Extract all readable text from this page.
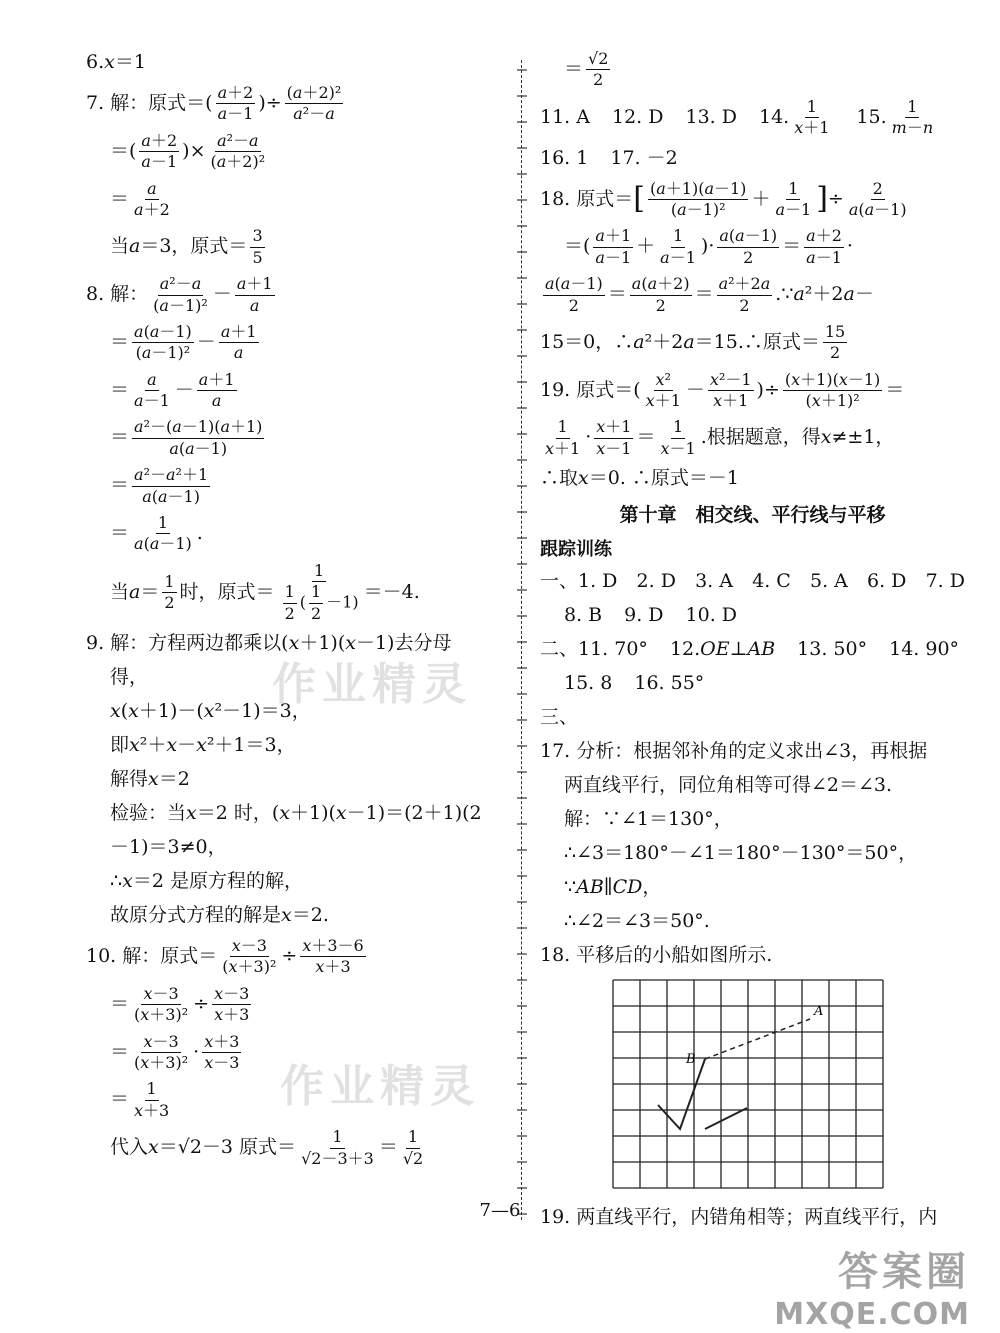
6. x ＝1
7. 解：原式＝( $\frac{a+2}{a-1}$ )÷ $\frac{\text{(a＋2)²}}{\text{a²－a}}$
＝( $\frac{a+2}{a-1}$ )× $\frac{\text{a²－a}}{\text{(a＋2)²}}$
＝ $\frac{a}{a+2}$
当 a ＝3，原式＝ $\frac{3}{5}$
8. 解： $\frac{\text{a²－a}}{\text{(a－1)²}} - \frac{a+1}{a}$
＝ $\frac{a(a-1)}{\text{(a－1)²}} - \frac{a+1}{a}$
＝ $\frac{a}{a-1} - \frac{a+1}{a}$
＝ $\frac{\text{a²－(a－1)(a＋1)}}{a(a-1)}$
＝ $\frac{\text{a²－a²＋1}}{a(a-1)}$
＝ $\frac{1}{a(a-1)}$ .
当 $a = \frac{1}{2}$ 时，原式＝ $\frac{1}{\frac{1}{2} ( \frac{1}{2} -1)} =-4$.
9. 解：方程两边都乘以( x ＋1)( x －1)去分母
得，
x ( x ＋1)－( x ²－1)＝3，
即 x ²＋ x － x ²＋1＝3，
解得 x ＝2
检验：当 x ＝2 时，( x ＋1)( x －1)＝(2＋1)(2
－1)＝3≠0，
∴ x ＝2 是原方程的解，
故原分式方程的解是 x ＝2.
10. 解：原式＝ $\frac{x-3}{\text{(x＋3)²}} \div \frac{x+3-6}{x+3}$
＝ $\frac{x-3}{\text{(x＋3)²}} \div \frac{x-3}{x+3}$
＝ $\frac{x-3}{\text{(x＋3)²}} \cdot \frac{x+3}{x-3}$
＝ $\frac{1}{x+3}$
代入 x ＝√2－3 原式＝ $\frac{1}{√2-3+3} = \frac{1}{√2}$
＝ $\frac{√2}{2}$
11. A 12. D 13. D 14. $\frac{1}{x+1} 15$. $\frac{1}{m-n}$
16. 1 17. －2
18. 原式＝ [ $\frac{(a+1)(a-1)}{\text{(a－1)²}} + \frac{1}{a-1}$ ] ÷ $\frac{2}{a(a-1)}$
＝( $\frac{a+1}{a-1} + \frac{1}{a-1}$ )· $\frac{a(a-1)}{2} = \frac{a+2}{a-1}$ ·
$\frac{a(a-1)}{2} = \frac{a(a+2)}{2} = \frac{\text{a²＋2a}}{2}$ .∵ a ²＋2 a －
15＝0，∴ a ²＋2 a ＝15.∴原式＝ $\frac{15}{2}$
19. 原式＝( $\frac{\text{x²}}{x+1} - \frac{\text{x²－1}}{x+1}$ )÷ $\frac{(x+1)(x-1)}{\text{(x＋1)²}}$ ＝
$\frac{1}{x+1} \cdot \frac{x+1}{x-1} = \frac{1}{x-1}$ .根据题意，得 x ≠±1，
∴取 x ＝0. ∴原式＝－1
第十章　相交线、平行线与平移
跟踪训练
一、1. D 2. D 3. A 4. C 5. A 6. D 7. D
8. B 9. D 10. D
二、11. 70° 12. OE ⊥ AB 13. 50° 14. 90°
15. 8 16. 55°
三、
17. 分析：根据邻补角的定义求出∠3，再根据
两直线平行，同位角相等可得∠2＝∠3.
解：∵∠1＝130°，
∴∠3＝180°－∠1＝180°－130°＝50°，
∵ AB ∥ CD ，
∴∠2＝∠3＝50°.
18. 平移后的小船如图所示.
A
B
19. 两直线平行，内错角相等；两直线平行，内
作业精灵
作业精灵
7—6
答案圈
MXQE.COM
